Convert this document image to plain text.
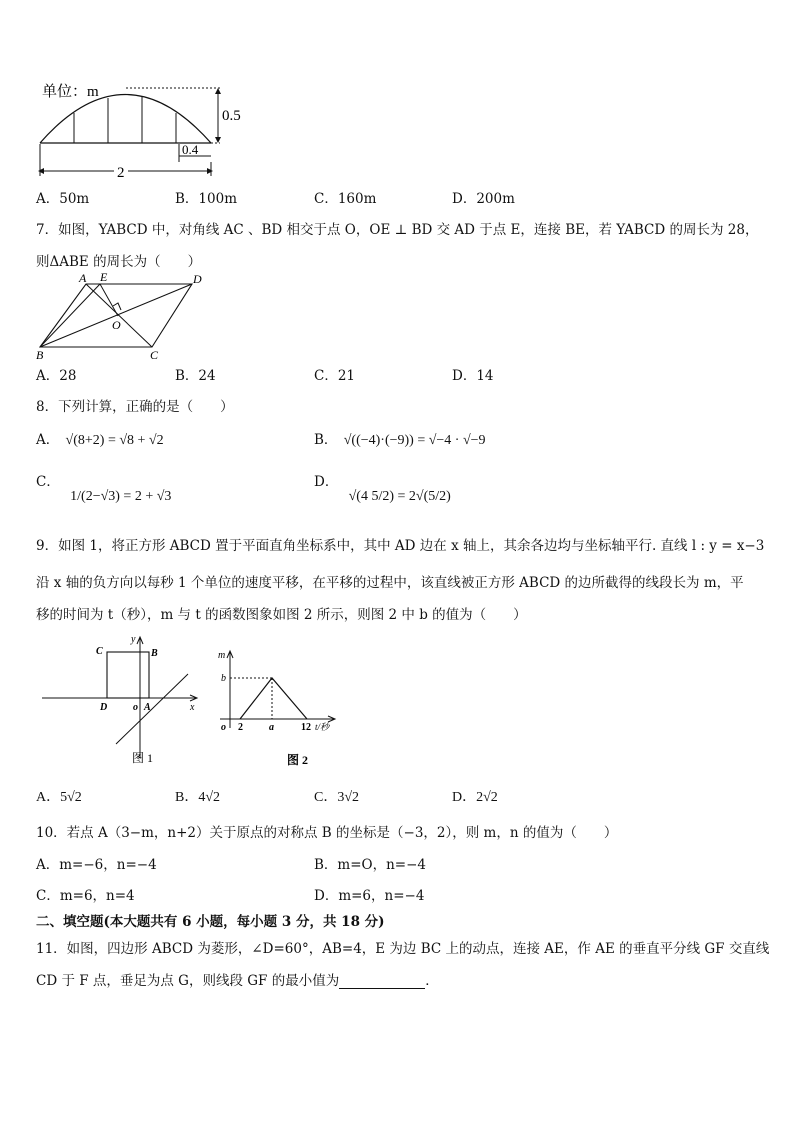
0.5
0.4
2
单位：m
A．50m	B．100m	C．160m	D．200m
7．如图，YABCD 中，对角线 AC 、BD 相交于点 O，OE ⊥ BD 交 AD 于点 E，连接 BE，若 YABCD 的周长为 28，
则ΔABE 的周长为（　　）
A E	D
O
B	C
A．28	B．24	C．21	D．14
8．下列计算，正确的是（　　）
A． √(8+2) = √8 + √2	B． √((−4)·(−9)) = √−4 · √−9
C． 1/(2−√3) = 2 + √3
D． √(4 5/2) = 2√(5/2)
9．如图 1，将正方形 ABCD 置于平面直角坐标系中，其中 AD 边在 x 轴上，其余各边均与坐标轴平行. 直线 l : y = x−3
沿 x 轴的负方向以每秒 1 个单位的速度平移，在平移的过程中，该直线被正方形 ABCD 的边所截得的线段长为 m，平
移的时间为 t（秒），m 与 t 的函数图象如图 2 所示，则图 2 中 b 的值为（　　）
y
C	B
D	o A	x
图 1
m
b
o 2	a	12 t/秒
图 2
A．5√2	B．4√2	C．3√2	D．2√2
10．若点 A（3−m，n+2）关于原点的对称点 B 的坐标是（−3，2），则 m，n 的值为（　　）
A．m=−6，n=−4	B．m=O，n=−4
C．m=6，n=4	D．m=6，n=−4
二、填空题(本大题共有 6 小题，每小题 3 分，共 18 分)
11．如图，四边形 ABCD 为菱形，∠D=60°，AB=4，E 为边 BC 上的动点，连接 AE，作 AE 的垂直平分线 GF 交直线
CD 于 F 点，垂足为点 G，则线段 GF 的最小值为	．
